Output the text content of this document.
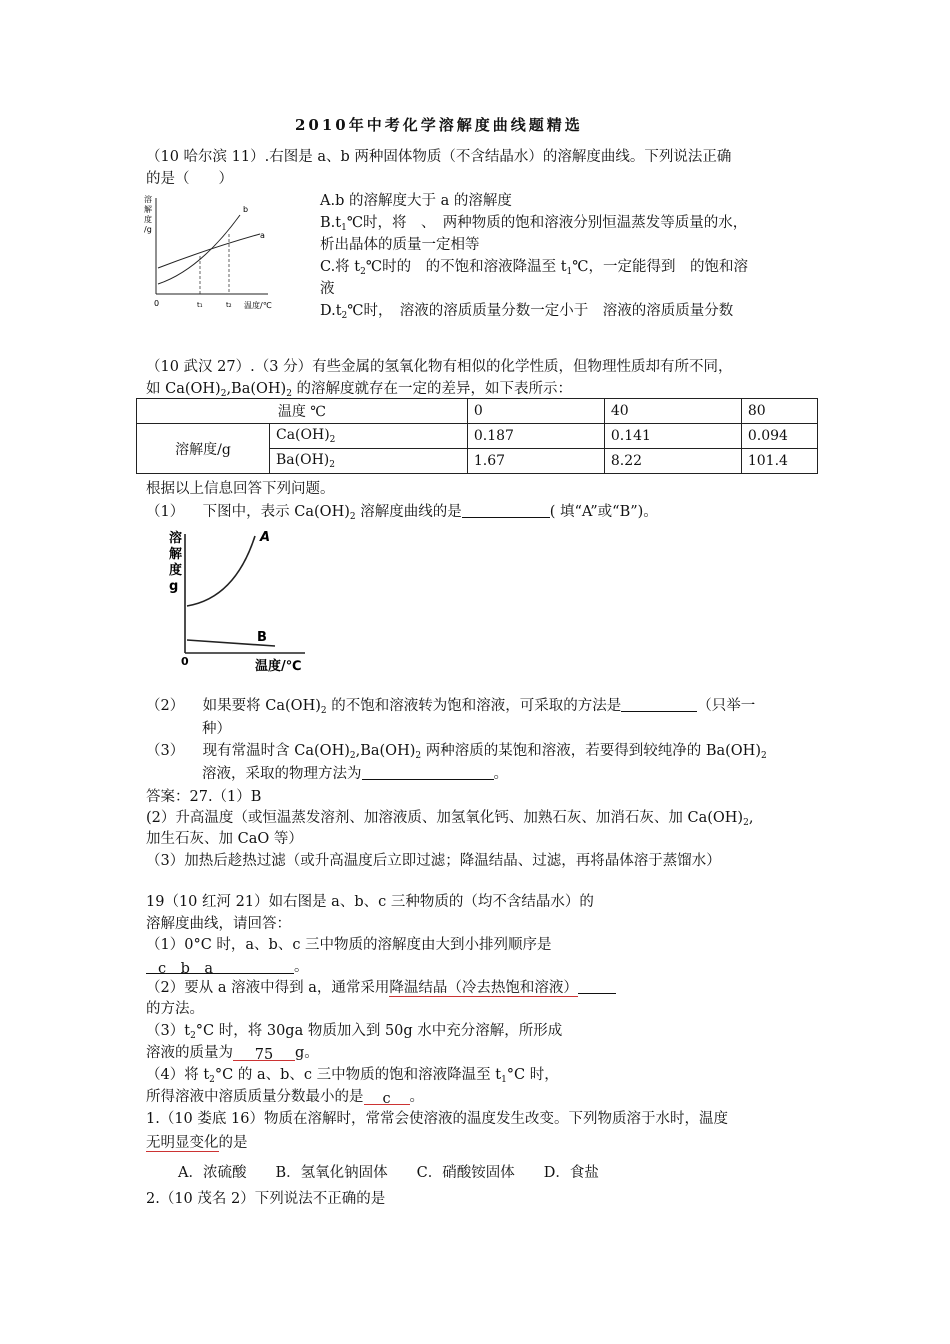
2010年中考化学溶解度曲线题精选
（10 哈尔滨 11）.右图是 a、b 两种固体物质（不含结晶水）的溶解度曲线。下列说法正确
的是（　　）
溶
解
度
/g
b
a
0	t₁	t₂ 温度/℃
A.b 的溶解度大于 a 的溶解度
$B.t_1℃$时，将　、　两种物质的饱和溶液分别恒温蒸发等质量的水，
析出晶体的质量一定相等
C.将 $t_2℃$时的　的不饱和溶液降温至 $t_1℃$，一定能得到　的饱和溶
液
$D.t_2℃$时，　溶液的溶质质量分数一定小于　溶液的溶质质量分数
（10 武汉 27）.（3 分）有些金属的氢氧化物有相似的化学性质，但物理性质却有所不同，
如 $Ca(OH)_2,Ba(OH)_2$ 的溶解度就存在一定的差异，如下表所示：
温度 ℃		0	40	80
溶解度/g	$Ca(OH)_2$	0.187	0.141	0.094
	$Ba(OH)_2$	1.67	8.22	101.4
根据以上信息回答下列问题。
（1） 下图中，表示 $Ca(OH)_2$ 溶解度曲线的是	( 填“A”或“B”)。
溶
解
度
g
A
B
0	温度/℃
（2） 如果要将 $Ca(OH)_2$ 的不饱和溶液转为饱和溶液，可采取的方法是	（只举一
种）
（3） 现有常温时含 $Ca(OH)_2,Ba(OH)_2$ 两种溶质的某饱和溶液，若要得到较纯净的 $Ba(OH)_2$
溶液，采取的物理方法为	。
答案：27.（1）B
(2）升高温度（或恒温蒸发溶剂、加溶液质、加氢氧化钙、加熟石灰、加消石灰、加 $Ca(OH)_2$,
加生石灰、加 CaO 等）
（3）加热后趁热过滤（或升高温度后立即过滤；降温结晶、过滤，再将晶体溶于蒸馏水）
19（10 红河 21）如右图是 a、b、c 三种物质的（均不含结晶水）的
溶解度曲线，请回答：
（1）0°C 时，a、b、c 三中物质的溶解度由大到小排列顺序是
c　b　a	。
（2）要从 a 溶液中得到 a，通常采用降温结晶（冷去热饱和溶液）
的方法。
$(3)t_2^\circ C$ 时，将 30ga 物质加入到 50g 水中充分溶解，所形成
溶液的质量为 75 g。
（4）将 $t_2^\circ C$ 的 a、b、c 三中物质的饱和溶液降温至 $t_1^\circ C$ 时，
所得溶液中溶质质量分数最小的是 c 。
1.（10 娄底 16）物质在溶解时，常常会使溶液的温度发生改变。下列物质溶于水时，温度
无明显变化的是
A．浓硫酸　　B．氢氧化钠固体　　C．硝酸铵固体　　D．食盐
2.（10 茂名 2）下列说法不正确的是
